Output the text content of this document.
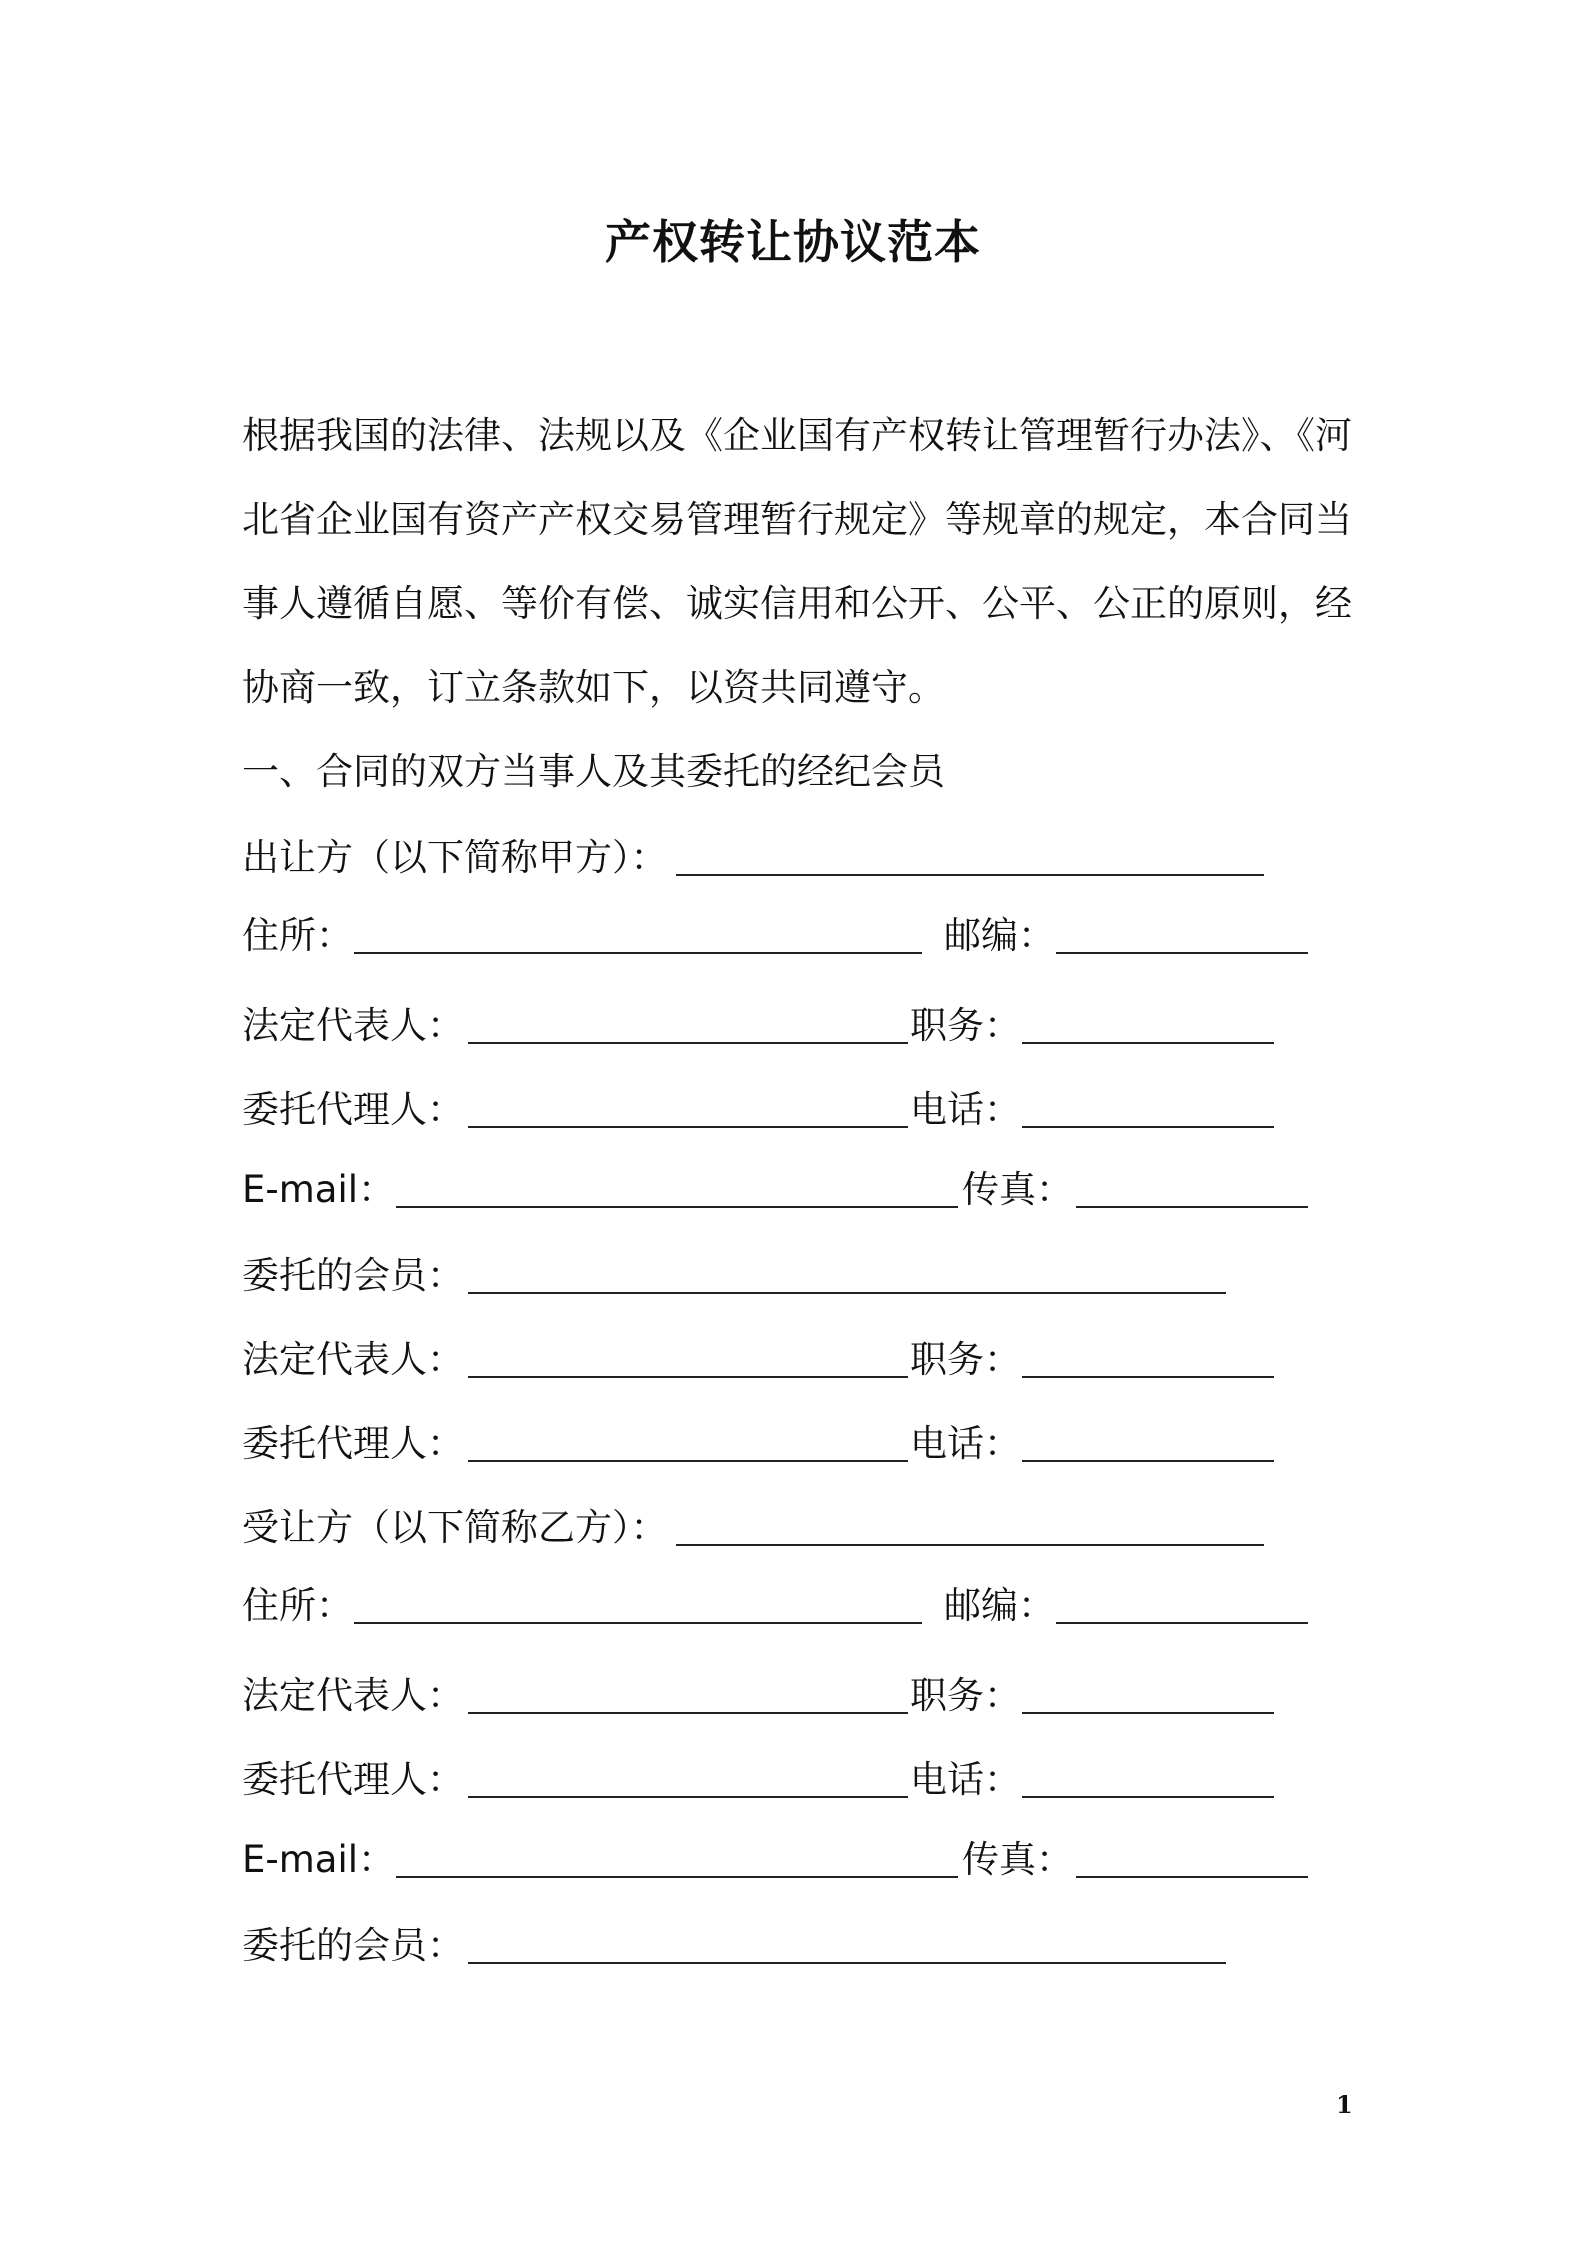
产权转让协议范本
根据我国的法律、法规以及《企业国有产权转让管理暂行办法》、《河
北省企业国有资产产权交易管理暂行规定》等规章的规定，本合同当
事人遵循自愿、等价有偿、诚实信用和公开、公平、公正的原则，经
协商一致，订立条款如下，以资共同遵守。
一、合同的双方当事人及其委托的经纪会员
出让方（以下简称甲方）：
住所：	邮编：
法定代表人：	职务：
委托代理人：	电话：
E-mail：	传真：
委托的会员：
法定代表人：	职务：
委托代理人：	电话：
受让方（以下简称乙方）：
住所：	邮编：
法定代表人：	职务：
委托代理人：	电话：
E-mail：	传真：
委托的会员：
1
